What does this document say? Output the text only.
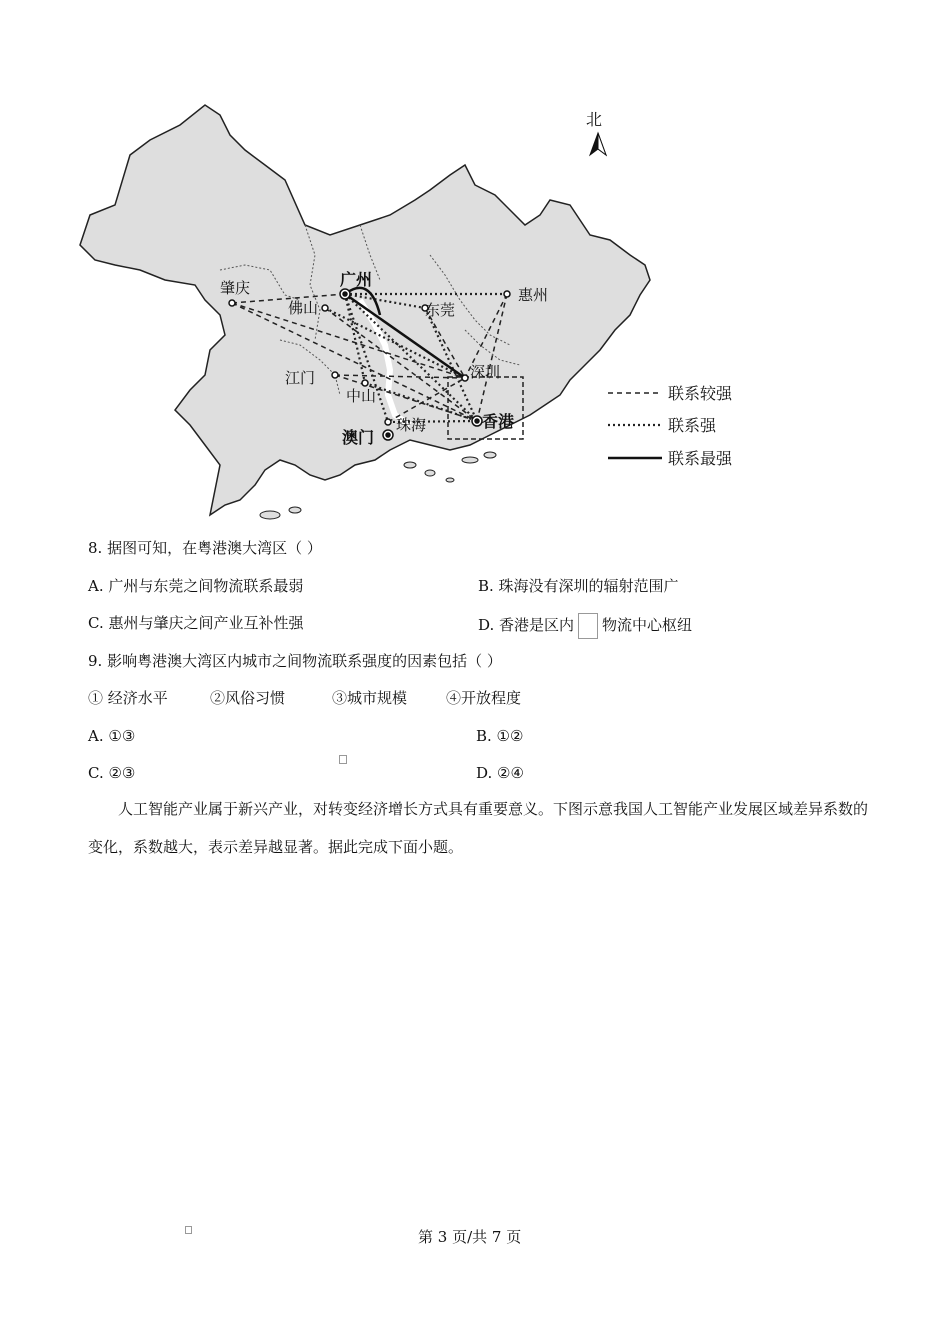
广州
肇庆
佛山	东莞
惠州
江门
中山
深圳
珠海
澳门
香港
北
联系较强
联系强
联系最强
8. 据图可知，在粤港澳大湾区（ ）
A. 广州与东莞之间物流联系最弱	B. 珠海没有深圳的辐射范围广
C. 惠州与肇庆之间产业互补性强	D. 香港是区内 物流中心枢纽
9. 影响粤港澳大湾区内城市之间物流联系强度的因素包括（ ）
① 经济水平	②风俗习惯	③城市规模	④开放程度
A. ①③	B. ①②
C. ②③	D. ②④
人工智能产业属于新兴产业，对转变经济增长方式具有重要意义。下图示意我国人工智能产业发展区域差异系数的变化，系数越大，表示差异越显著。据此完成下面小题。
第 3 页/共 7 页
